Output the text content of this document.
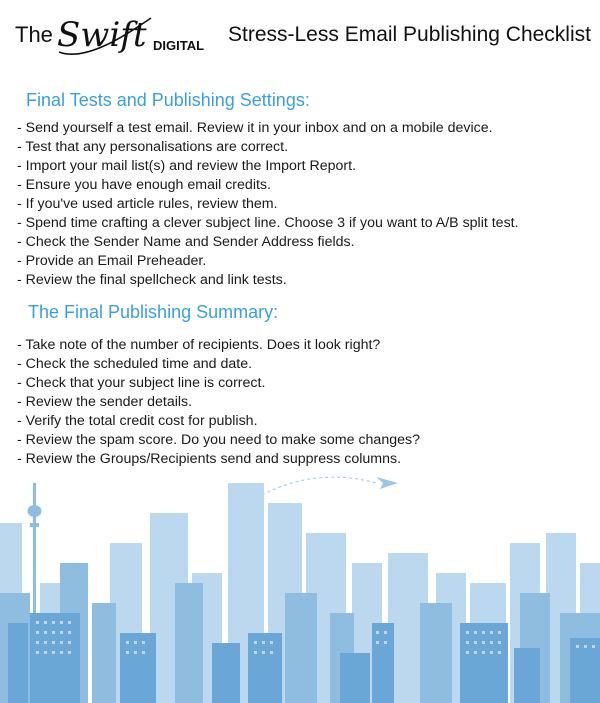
The Swift DIGITAL Stress-Less Email Publishing Checklist
Final Tests and Publishing Settings:
- Send yourself a test email. Review it in your inbox and on a mobile device.
- Test that any personalisations are correct.
- Import your mail list(s) and review the Import Report.
- Ensure you have enough email credits.
- If you've used article rules, review them.
- Spend time crafting a clever subject line. Choose 3 if you want to A/B split test.
- Check the Sender Name and Sender Address fields.
- Provide an Email Preheader.
- Review the final spellcheck and link tests.
The Final Publishing Summary:
- Take note of the number of recipients. Does it look right?
- Check the scheduled time and date.
- Check that your subject line is correct.
- Review the sender details.
- Verify the total credit cost for publish.
- Review the spam score. Do you need to make some changes?
- Review the Groups/Recipients send and suppress columns.
